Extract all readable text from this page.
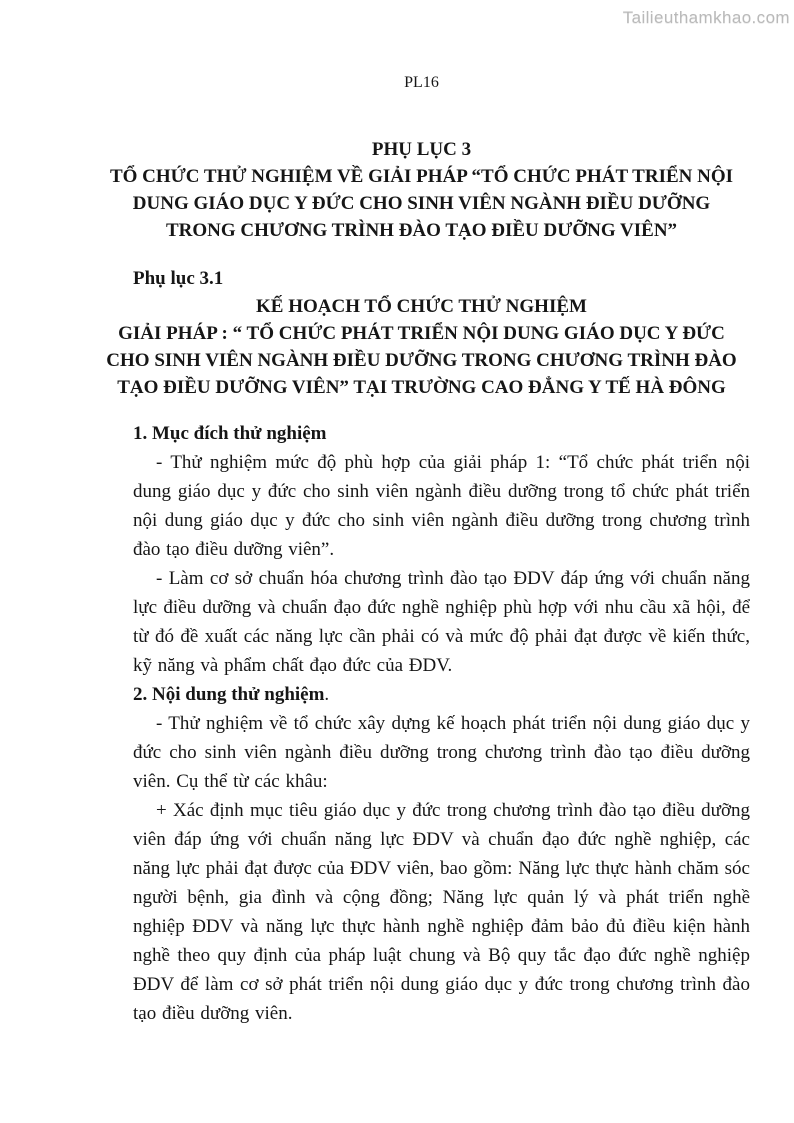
Tailieuthamkhao.com
PL16
PHỤ LỤC 3
TỔ CHỨC THỬ NGHIỆM VỀ GIẢI PHÁP “TỔ CHỨC PHÁT TRIỂN NỘI
DUNG GIÁO DỤC Y ĐỨC CHO SINH VIÊN NGÀNH ĐIỀU DƯỠNG
TRONG CHƯƠNG TRÌNH ĐÀO TẠO ĐIỀU DƯỠNG VIÊN”
Phụ lục 3.1
KẾ HOẠCH TỔ CHỨC THỬ NGHIỆM
GIẢI PHÁP : “ TỔ CHỨC PHÁT TRIỂN NỘI DUNG GIÁO DỤC Y ĐỨC
CHO SINH VIÊN NGÀNH ĐIỀU DƯỠNG TRONG CHƯƠNG TRÌNH ĐÀO
TẠO ĐIỀU DƯỠNG VIÊN” TẠI TRƯỜNG CAO ĐẲNG Y TẾ HÀ ĐÔNG
1. Mục đích thử nghiệm
- Thử nghiệm mức độ phù hợp của giải pháp 1: “Tổ chức phát triển nội dung giáo dục y đức cho sinh viên ngành điều dưỡng trong tổ chức phát triển nội dung giáo dục y đức cho sinh viên ngành điều dưỡng trong chương trình đào tạo điều dưỡng viên”.
- Làm cơ sở chuẩn hóa chương trình đào tạo ĐDV đáp ứng với chuẩn năng lực điều dưỡng và chuẩn đạo đức nghề nghiệp phù hợp với nhu cầu xã hội, để từ đó đề xuất các năng lực cần phải có và mức độ phải đạt được về kiến thức, kỹ năng và phẩm chất đạo đức của ĐDV.
2. Nội dung thử nghiệm.
- Thử nghiệm về tổ chức xây dựng kế hoạch phát triển nội dung giáo dục y đức cho sinh viên ngành điều dưỡng trong chương trình đào tạo điều dưỡng viên. Cụ thể từ các khâu:
+ Xác định mục tiêu giáo dục y đức trong chương trình đào tạo điều dưỡng viên đáp ứng với chuẩn năng lực ĐDV và chuẩn đạo đức nghề nghiệp, các năng lực phải đạt được của ĐDV viên, bao gồm: Năng lực thực hành chăm sóc người bệnh, gia đình và cộng đồng; Năng lực quản lý và phát triển nghề nghiệp ĐDV và năng lực thực hành nghề nghiệp đảm bảo đủ điều kiện hành nghề theo quy định của pháp luật chung và Bộ quy tắc đạo đức nghề nghiệp ĐDV để làm cơ sở phát triển nội dung giáo dục y đức trong chương trình đào tạo điều dưỡng viên.
